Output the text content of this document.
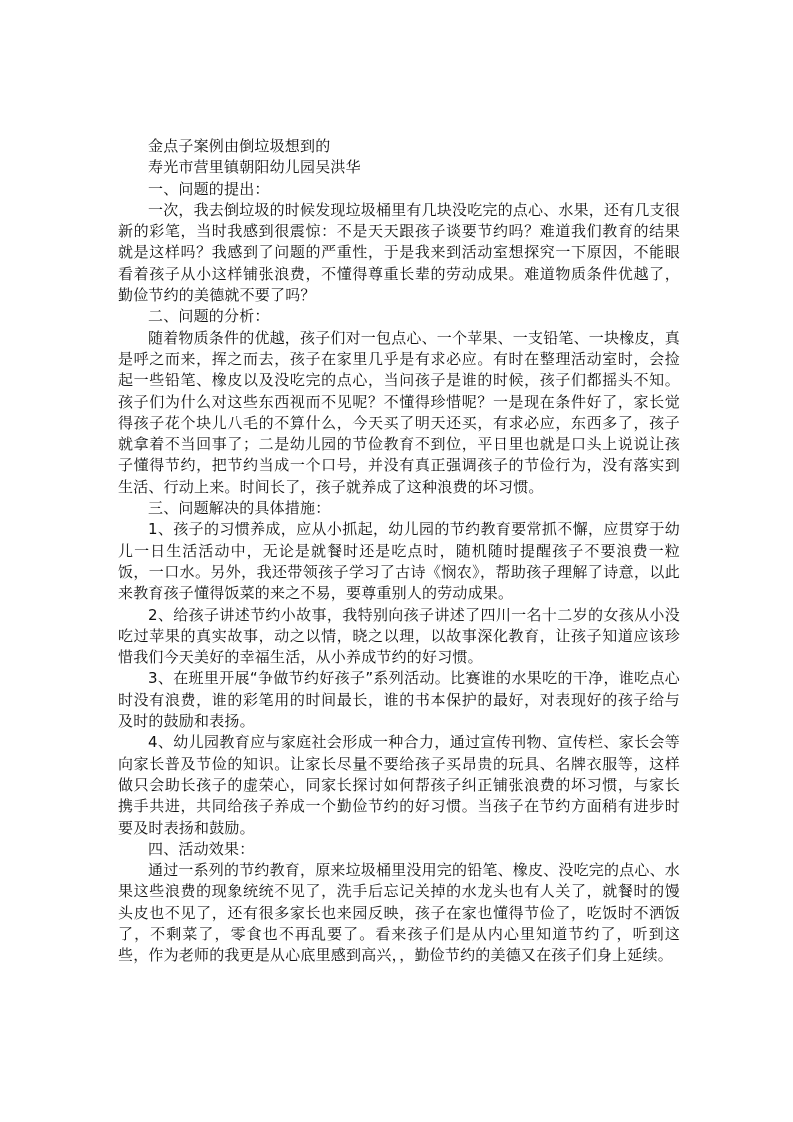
金点子案例由倒垃圾想到的

寿光市营里镇朝阳幼儿园吴洪华

一、问题的提出：

一次，我去倒垃圾的时候发现垃圾桶里有几块没吃完的点心、水果，还有几支很新的彩笔，当时我感到很震惊：不是天天跟孩子谈要节约吗？难道我们教育的结果就是这样吗？我感到了问题的严重性，于是我来到活动室想探究一下原因，不能眼看着孩子从小这样铺张浪费，不懂得尊重长辈的劳动成果。难道物质条件优越了，勤俭节约的美德就不要了吗？

二、问题的分析：

随着物质条件的优越，孩子们对一包点心、一个苹果、一支铅笔、一块橡皮，真是呼之而来，挥之而去，孩子在家里几乎是有求必应。有时在整理活动室时，会捡起一些铅笔、橡皮以及没吃完的点心，当问孩子是谁的时候，孩子们都摇头不知。孩子们为什么对这些东西视而不见呢？不懂得珍惜呢？一是现在条件好了，家长觉得孩子花个块儿八毛的不算什么，今天买了明天还买，有求必应，东西多了，孩子就拿着不当回事了；二是幼儿园的节俭教育不到位，平日里也就是口头上说说让孩子懂得节约，把节约当成一个口号，并没有真正强调孩子的节俭行为，没有落实到生活、行动上来。时间长了，孩子就养成了这种浪费的坏习惯。

三、问题解决的具体措施：

1、孩子的习惯养成，应从小抓起，幼儿园的节约教育要常抓不懈，应贯穿于幼儿一日生活活动中，无论是就餐时还是吃点时，随机随时提醒孩子不要浪费一粒饭，一口水。另外，我还带领孩子学习了古诗《悯农》，帮助孩子理解了诗意，以此来教育孩子懂得饭菜的来之不易，要尊重别人的劳动成果。

2、给孩子讲述节约小故事，我特别向孩子讲述了四川一名十二岁的女孩从小没吃过苹果的真实故事，动之以情，晓之以理，以故事深化教育，让孩子知道应该珍惜我们今天美好的幸福生活，从小养成节约的好习惯。

3、在班里开展“争做节约好孩子”系列活动。比赛谁的水果吃的干净，谁吃点心时没有浪费，谁的彩笔用的时间最长，谁的书本保护的最好，对表现好的孩子给与及时的鼓励和表扬。

4、幼儿园教育应与家庭社会形成一种合力，通过宣传刊物、宣传栏、家长会等向家长普及节俭的知识。让家长尽量不要给孩子买昂贵的玩具、名牌衣服等，这样做只会助长孩子的虚荣心，同家长探讨如何帮孩子纠正铺张浪费的坏习惯，与家长携手共进，共同给孩子养成一个勤俭节约的好习惯。当孩子在节约方面稍有进步时要及时表扬和鼓励。

四、活动效果：

通过一系列的节约教育，原来垃圾桶里没用完的铅笔、橡皮、没吃完的点心、水果这些浪费的现象统统不见了，洗手后忘记关掉的水龙头也有人关了，就餐时的馒头皮也不见了，还有很多家长也来园反映，孩子在家也懂得节俭了，吃饭时不洒饭了，不剩菜了，零食也不再乱要了。看来孩子们是从内心里知道节约了，听到这些，作为老师的我更是从心底里感到高兴，，勤俭节约的美德又在孩子们身上延续。
